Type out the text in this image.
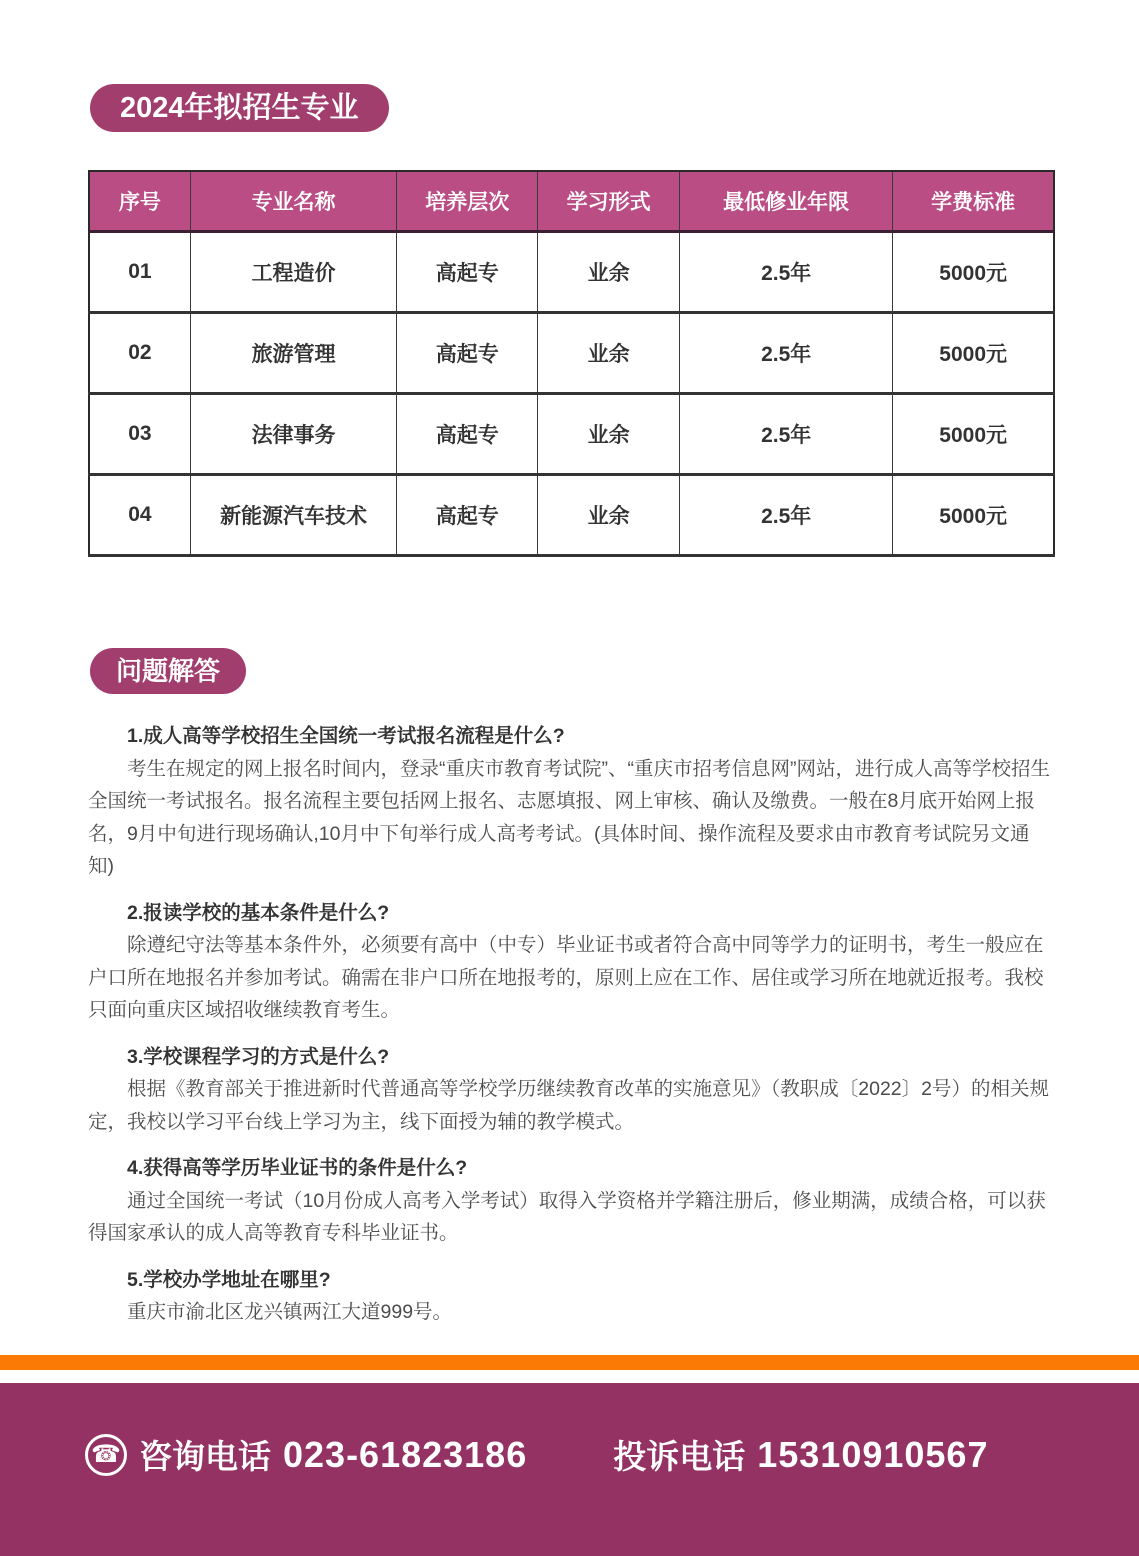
2024年拟招生专业
序号	专业名称	培养层次	学习形式	最低修业年限	学费标准
01	工程造价	高起专	业余	2.5年	5000元
02	旅游管理	高起专	业余	2.5年	5000元
03	法律事务	高起专	业余	2.5年	5000元
04	新能源汽车技术	高起专	业余	2.5年	5000元
问题解答
1.成人高等学校招生全国统一考试报名流程是什么?
考生在规定的网上报名时间内，登录“重庆市教育考试院”、“重庆市招考信息网”网站，进行成人高等学校招生全国统一考试报名。报名流程主要包括网上报名、志愿填报、网上审核、确认及缴费。一般在8月底开始网上报名，9月中旬进行现场确认,10月中下旬举行成人高考考试。(具体时间、操作流程及要求由市教育考试院另文通知)
2.报读学校的基本条件是什么?
除遵纪守法等基本条件外，必须要有高中（中专）毕业证书或者符合高中同等学力的证明书，考生一般应在户口所在地报名并参加考试。确需在非户口所在地报考的，原则上应在工作、居住或学习所在地就近报考。我校只面向重庆区域招收继续教育考生。
3.学校课程学习的方式是什么?
根据《教育部关于推进新时代普通高等学校学历继续教育改革的实施意见》（教职成〔2022〕2号）的相关规定，我校以学习平台线上学习为主，线下面授为辅的教学模式。
4.获得高等学历毕业证书的条件是什么?
通过全国统一考试（10月份成人高考入学考试）取得入学资格并学籍注册后，修业期满，成绩合格，可以获得国家承认的成人高等教育专科毕业证书。
5.学校办学地址在哪里?
重庆市渝北区龙兴镇两江大道999号。
☎ 咨询电话 023-61823186	投诉电话 15310910567
